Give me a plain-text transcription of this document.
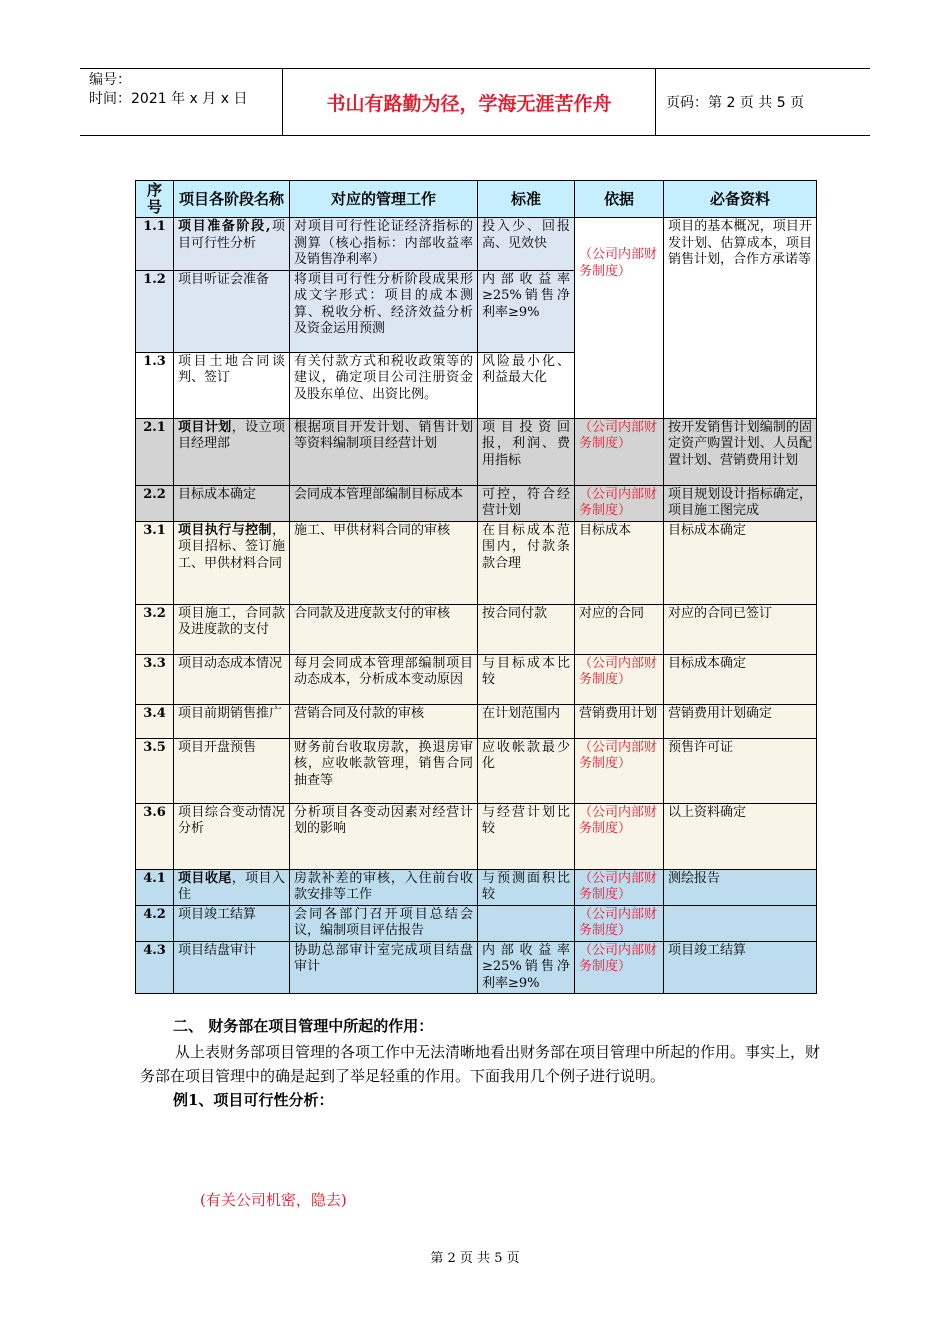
编号：
时间：2021 年 x 月 x 日	书山有路勤为径，学海无涯苦作舟	页码：第 2 页 共 5 页
序号	项目各阶段名称	对应的管理工作	标准	依据	必备资料
1.1	项目准备阶段,项目可行性分析	对项目可行性论证经济指标的测算（核心指标：内部收益率及销售净利率）	投入少、回报高、见效快	（公司内部财务制度）	项目的基本概况，项目开发计划、估算成本，项目销售计划，合作方承诺等
1.2	项目听证会准备	将项目可行性分析阶段成果形成文字形式：项目的成本测算、税收分析、经济效益分析及资金运用预测	内部收益率≥25%销售净利率≥9%		
1.3	项目土地合同谈判、签订	有关付款方式和税收政策等的建议，确定项目公司注册资金及股东单位、出资比例。	风险最小化、利益最大化		
2.1	项目计划，设立项目经理部	根据项目开发计划、销售计划等资料编制项目经营计划	项目投资回报，利润、费用指标	（公司内部财务制度）	按开发销售计划编制的固定资产购置计划、人员配置计划、营销费用计划
2.2	目标成本确定	会同成本管理部编制目标成本	可控，符合经营计划	（公司内部财务制度）	项目规划设计指标确定，项目施工图完成
3.1	项目执行与控制，项目招标、签订施工、甲供材料合同	施工、甲供材料合同的审核	在目标成本范围内，付款条款合理	目标成本	目标成本确定
3.2	项目施工，合同款及进度款的支付	合同款及进度款支付的审核	按合同付款	对应的合同	对应的合同已签订
3.3	项目动态成本情况	每月会同成本管理部编制项目动态成本，分析成本变动原因	与目标成本比较	（公司内部财务制度）	目标成本确定
3.4	项目前期销售推广	营销合同及付款的审核	在计划范围内	营销费用计划	营销费用计划确定
3.5	项目开盘预售	财务前台收取房款，换退房审核，应收帐款管理，销售合同抽查等	应收帐款最少化	（公司内部财务制度）	预售许可证
3.6	项目综合变动情况分析	分析项目各变动因素对经营计划的影响	与经营计划比较	（公司内部财务制度）	以上资料确定
4.1	项目收尾，项目入住	房款补差的审核，入住前台收款安排等工作	与预测面积比较	（公司内部财务制度）	测绘报告
4.2	项目竣工结算	会同各部门召开项目总结会议，编制项目评估报告		（公司内部财务制度）	
4.3	项目结盘审计	协助总部审计室完成项目结盘审计	内部收益率≥25%销售净利率≥9%	（公司内部财务制度）	项目竣工结算
二、 财务部在项目管理中所起的作用：
从上表财务部项目管理的各项工作中无法清晰地看出财务部在项目管理中所起的作用。事实上，财务部在项目管理中的确是起到了举足轻重的作用。下面我用几个例子进行说明。
例1、项目可行性分析：
(有关公司机密，隐去)
第 2 页 共 5 页
